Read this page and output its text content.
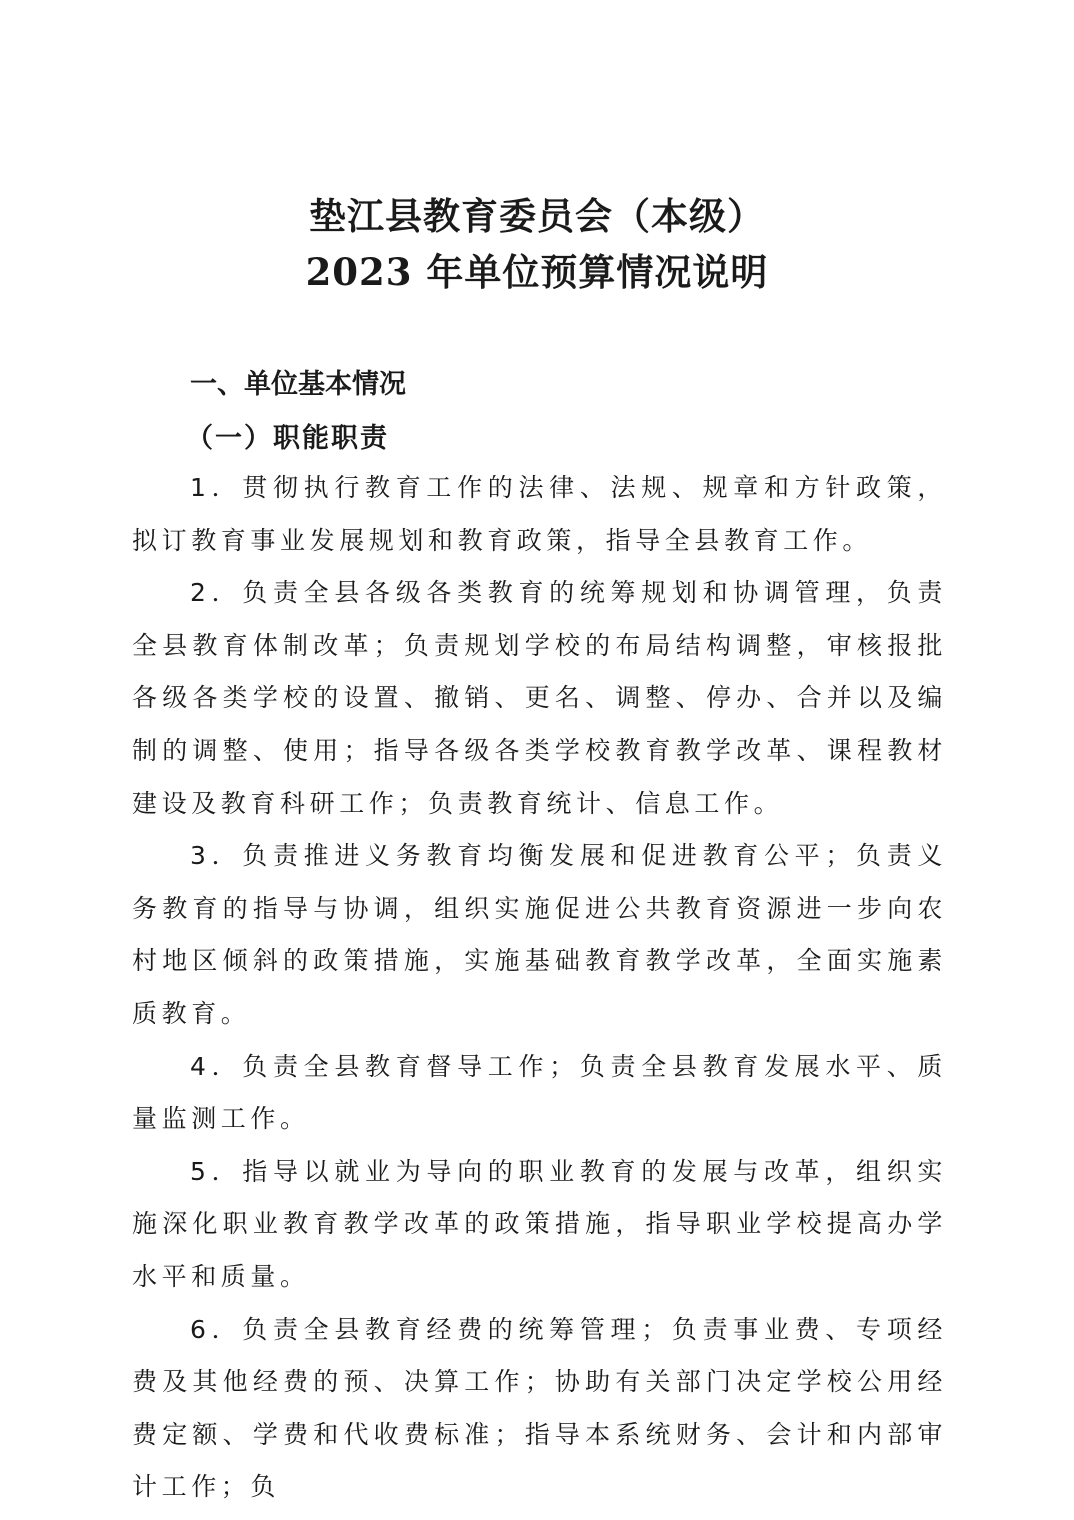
垫江县教育委员会（本级）
2023 年单位预算情况说明
一、单位基本情况
（一）职能职责

1．贯彻执行教育工作的法律、法规、规章和方针政策，拟订教育事业发展规划和教育政策，指导全县教育工作。

2．负责全县各级各类教育的统筹规划和协调管理，负责全县教育体制改革；负责规划学校的布局结构调整，审核报批各级各类学校的设置、撤销、更名、调整、停办、合并以及编制的调整、使用；指导各级各类学校教育教学改革、课程教材建设及教育科研工作；负责教育统计、信息工作。

3．负责推进义务教育均衡发展和促进教育公平；负责义务教育的指导与协调，组织实施促进公共教育资源进一步向农村地区倾斜的政策措施，实施基础教育教学改革，全面实施素质教育。

4．负责全县教育督导工作；负责全县教育发展水平、质量监测工作。

5．指导以就业为导向的职业教育的发展与改革，组织实施深化职业教育教学改革的政策措施，指导职业学校提高办学水平和质量。

6．负责全县教育经费的统筹管理；负责事业费、专项经费及其他经费的预、决算工作；协助有关部门决定学校公用经费定额、学费和代收费标准；指导本系统财务、会计和内部审计工作；负
